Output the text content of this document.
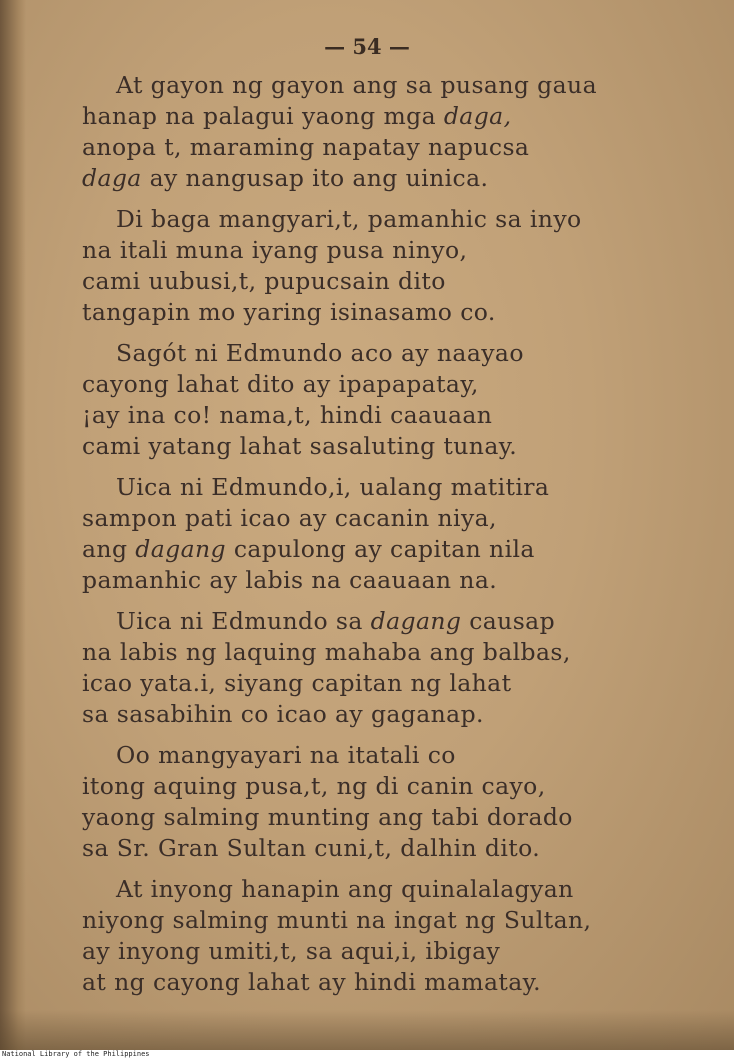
— 54 —
At gayon ng gayon ang sa pusang gaua
hanap na palagui yaong mga daga,
anopa t, maraming napatay napucsa
daga ay nangusap ito ang uinica.
Di baga mangyari,t, pamanhic sa inyo
na itali muna iyang pusa ninyo,
cami uubusi,t, pupucsain dito
tangapin mo yaring isinasamo co.
Sagót ni Edmundo aco ay naayao
cayong lahat dito ay ipapapatay,
¡ay ina co! nama,t, hindi caauaan
cami yatang lahat sasaluting tunay.
Uica ni Edmundo,i, ualang matitira
sampon pati icao ay cacanin niya,
ang dagang capulong ay capitan nila
pamanhic ay labis na caauaan na.
Uica ni Edmundo sa dagang causap
na labis ng laquing mahaba ang balbas,
icao yata.i, siyang capitan ng lahat
sa sasabihin co icao ay gaganap.
Oo mangyayari na itatali co
itong aquing pusa,t, ng di canin cayo,
yaong salming munting ang tabi dorado
sa Sr. Gran Sultan cuni,t, dalhin dito.
At inyong hanapin ang quinalalagyan
niyong salming munti na ingat ng Sultan,
ay inyong umiti,t, sa aqui,i, ibigay
at ng cayong lahat ay hindi mamatay.
National Library of the Philippines
